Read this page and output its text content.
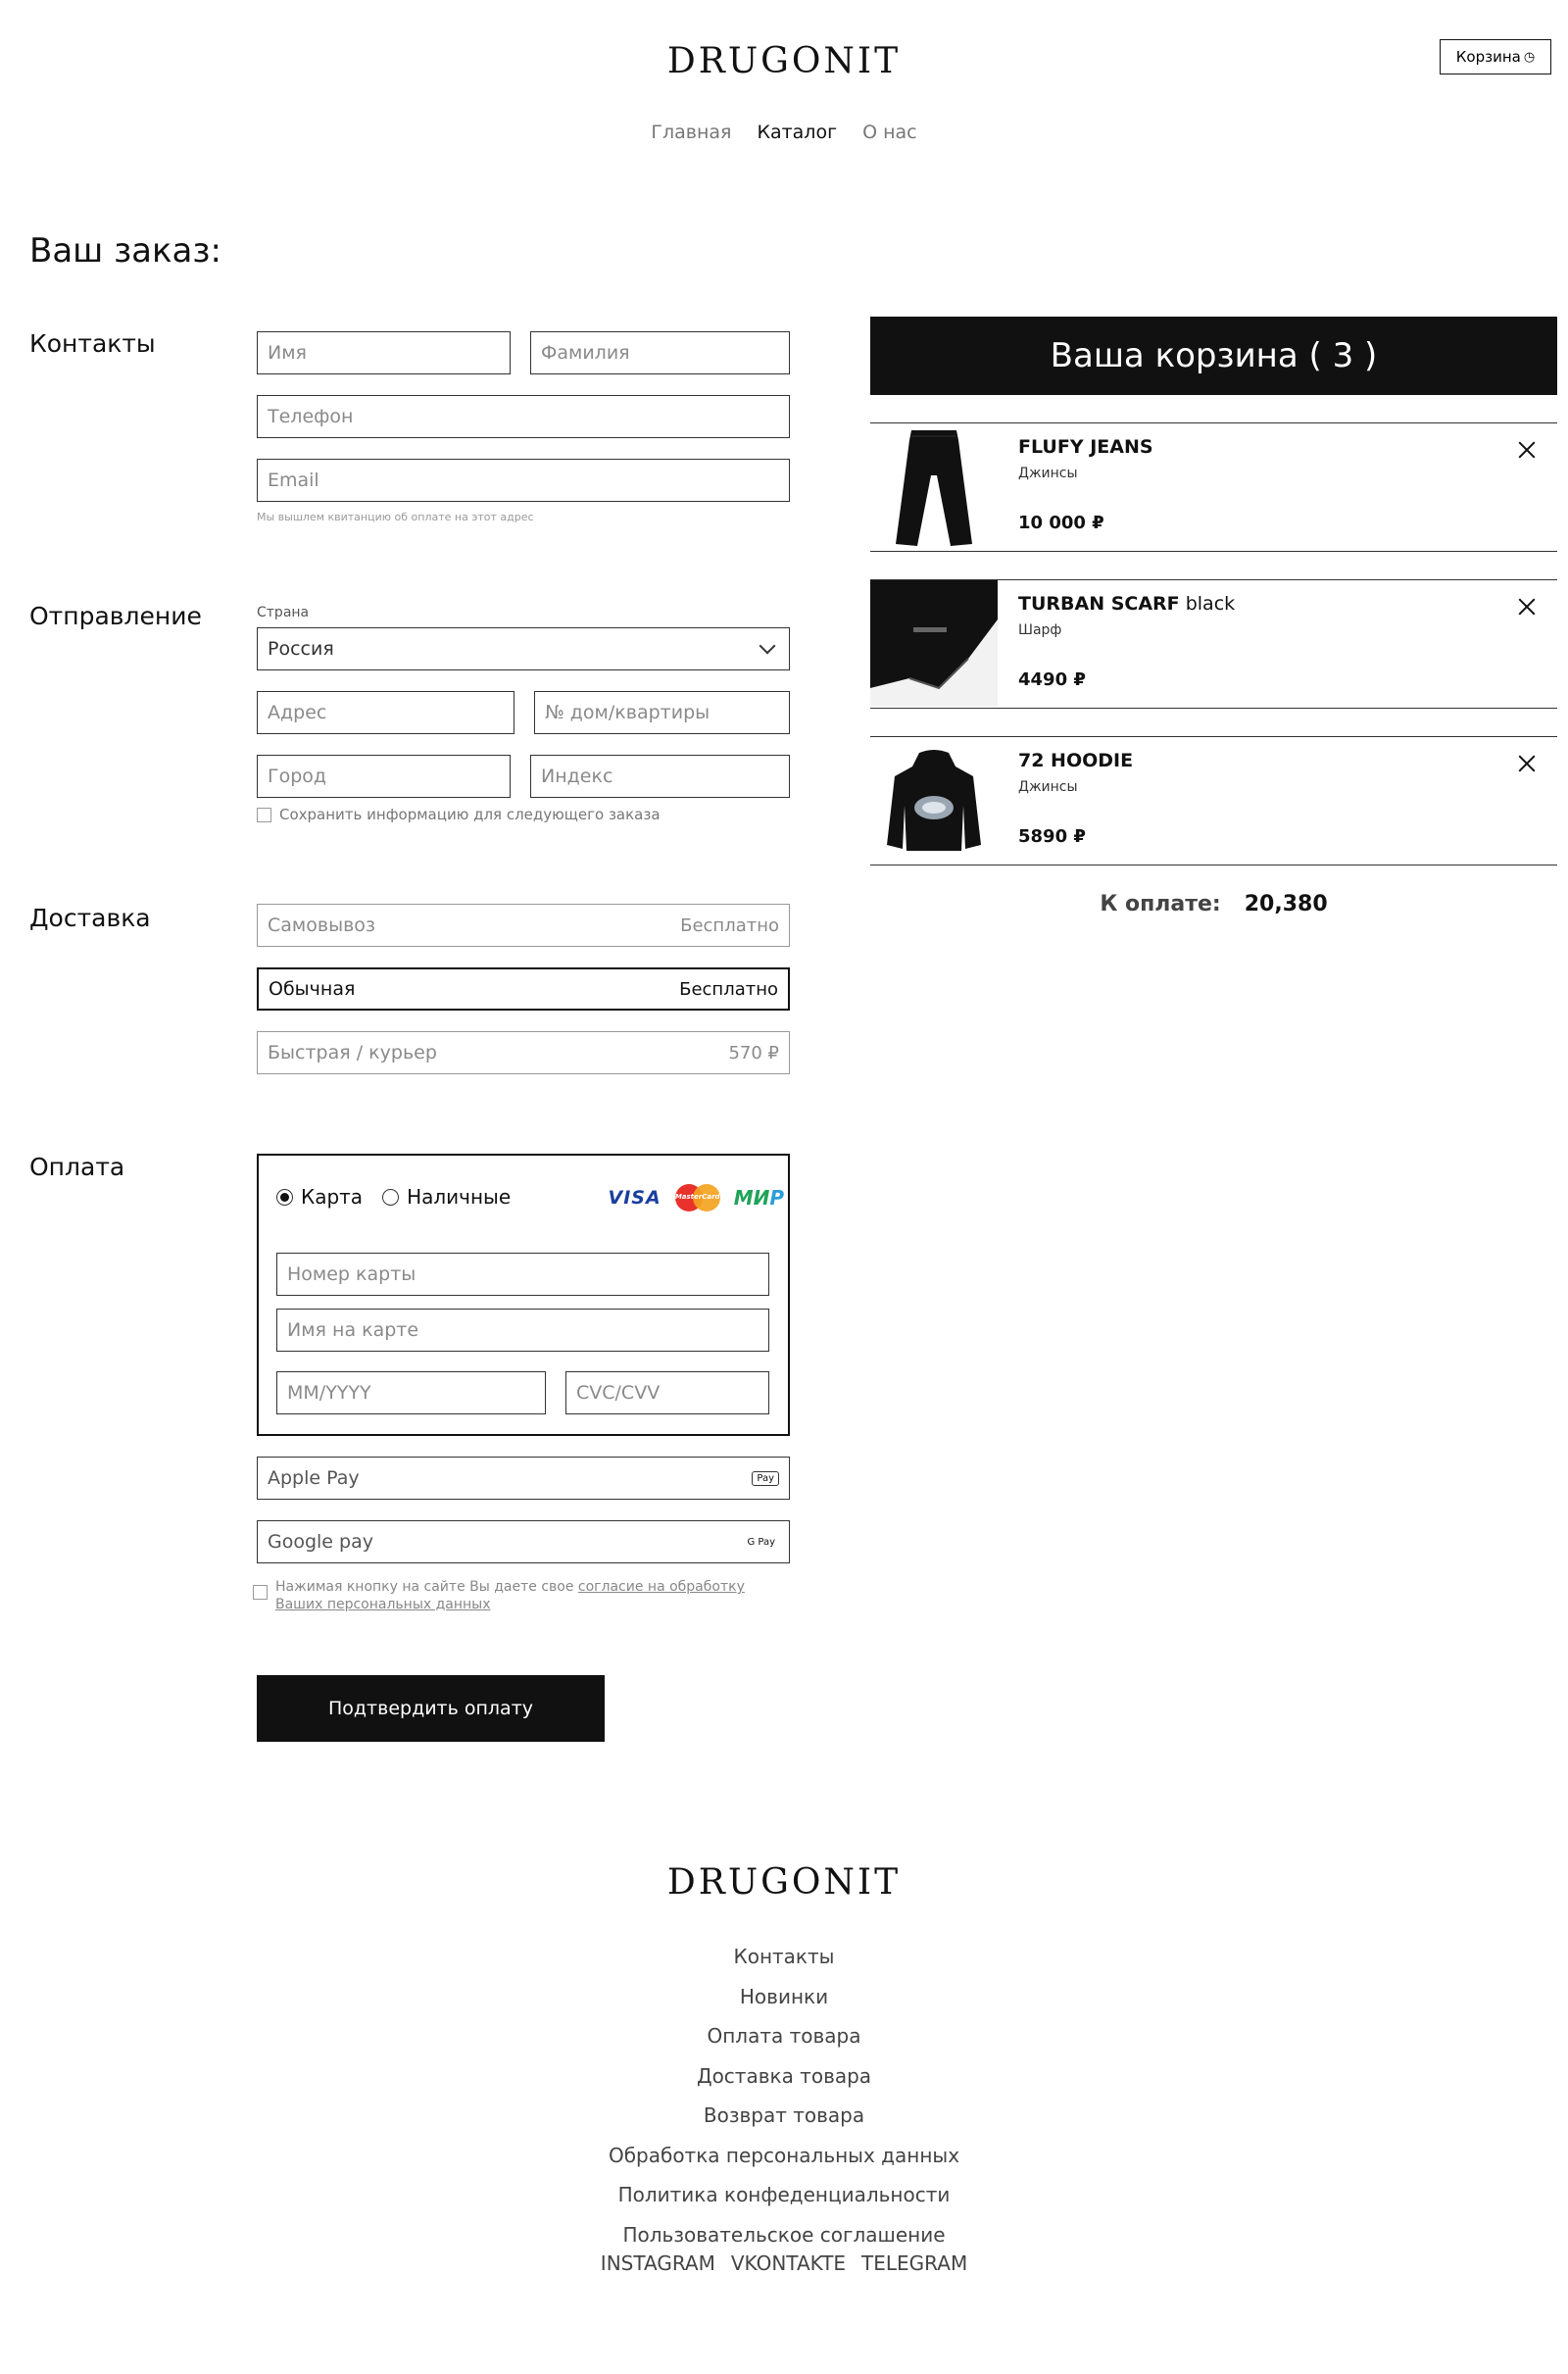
DRUGONIT	Корзина ◷
Главная Каталог О нас
Ваш заказ:
Контакты
Имя
Фамилия
Телефон
Email
Мы вышлем квитанцию об оплате на этот адрес
Отправление	Страна
Россия
Адрес
№ дом/квартиры
Город
Индекс
Сохранить информацию для следующего заказа
Доставка	Самовывоз	Бесплатно
Обычная	Бесплатно
Быстрая / курьер	570 ₽
Оплата
Карта Наличные	VISA MasterCard МИР
Номер карты
Имя на карте
MM/YYYY
CVC/CVV
Apple Pay	Pay
Google pay	G Pay
Нажимая кнопку на сайте Вы даете свое согласие на обработку Ваших персональных данных
Подтвердить оплату
Ваша корзина ( 3 )
FLUFY JEANS
Джинсы
10 000 ₽
TURBAN SCARF black
Шарф
4490 ₽
72 HOODIE
Джинсы
5890 ₽
К оплате: 20,380
DRUGONIT
Контакты
Новинки
Оплата товара
Доставка товара
Возврат товара
Обработка персональных данных
Политика конфеденциальности
Пользовательское соглашение
INSTAGRAM VKONTAKTE TELEGRAM
